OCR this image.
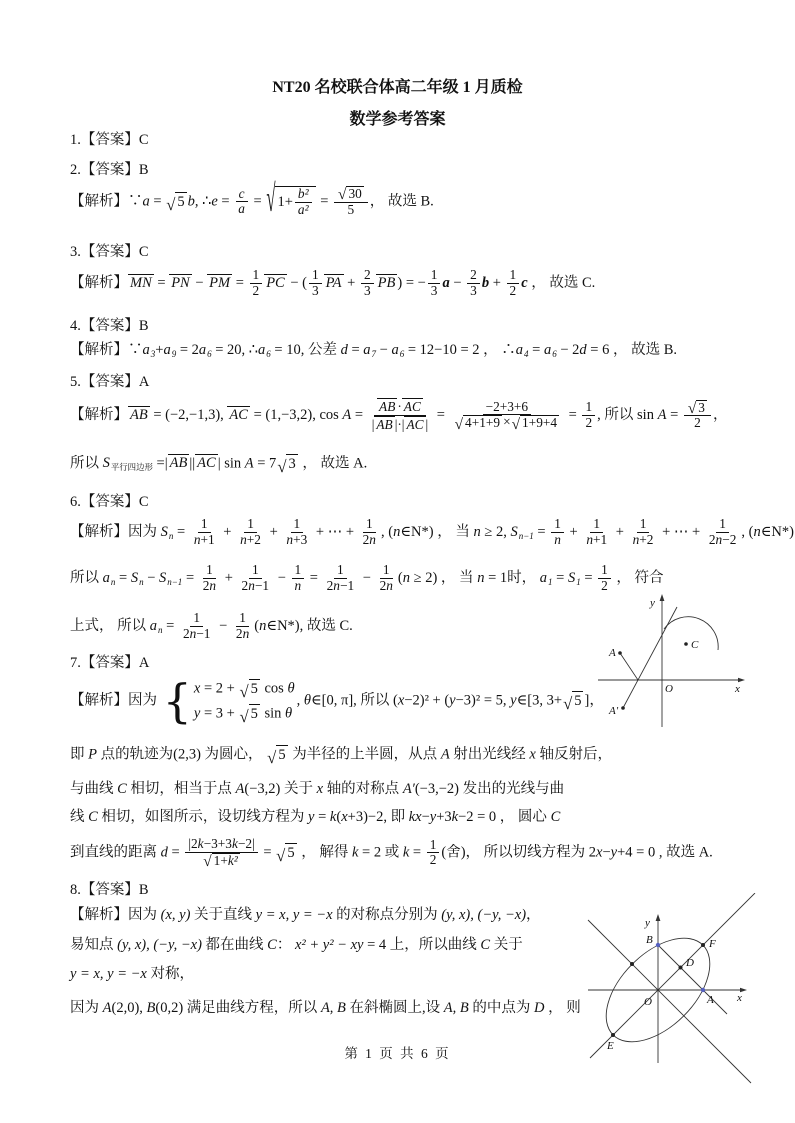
NT20 名校联合体高二年级 1 月质检
数学参考答案
1.【答案】C
2.【答案】B
【解析】∵a = √ 5 b, ∴e = $\frac{c}{a}$ = √ $1+ \frac{\text{b²}}{\text{a²}} = \frac{√ 30}{5}$ ， 故选 B.
3.【答案】C
【解析】 MN = PN − PM = $\frac{1}{2}$ PC − ( $\frac{1}{3}$ PA + $\frac{2}{3}$ PB ) = − $\frac{1}{3}$ $a - \frac{2}{3}$ $b + \frac{1}{2}$ c ， 故选 C.
4.【答案】B
【解析】$\because a_3+a_9 = 2a_6 = 20$, $\therefore a_6 = 10$, 公差 $d = a_7 - a_6 = 12-10 = 2$ ， $\therefore a_4 = a_6 - 2d = 6$ ， 故选 B.
5.【答案】A
【解析】 AB = (−2,−1,3), AC = (1,−3,2), $\cos A = \frac{AB \cdot AC}{| AB |\cdot| AC |} = \frac{-2+3+6}{√ 4+1+9 \times √ 1+9+4} = \frac{1}{2}$ , 所以 $\sin A = \frac{√ 3}{2}$ ，
所以 $S_{平行四边形}$ =| AB || AC | sin A = 7 √ 3 ， 故选 A.
6.【答案】C
【解析】因为 $S_n = \frac{1}{n+1} + \frac{1}{n+2} + \frac{1}{n+3}$ + ⋯ + $\frac{1}{2n}$ , (n∈N*) ， 当 n ≥ 2, $S_{n-1} = \frac{1}{n} + \frac{1}{n+1} + \frac{1}{n+2}$ + ⋯ + $\frac{1}{2n-2}$ , (n∈N*)
所以 $a_n = S_n - S_{n-1} = \frac{1}{2n} + \frac{1}{2n-1} - \frac{1}{n} = \frac{1}{2n-1} - \frac{1}{2n} (n \ge 2)$ ， 当 n = 1时， $a_1 = S_1 = \frac{1}{2}$ ， 符合
上式， 所以 $a_n = \frac{1}{2n-1} - \frac{1}{2n}$ (n∈N*), 故选 C.
7.【答案】A
【解析】因为 { x = 2 + √ 5 cos θ
y = 3 + √ 5 sin θ
, θ∈[0, π], 所以 (x−2)² + (y−3)² = 5, y∈[3, 3+ √ 5 ]，
即 P 点的轨迹为(2,3) 为圆心， √ 5 为半径的上半圆，从点 A 射出光线经 x 轴反射后，
与曲线 C 相切，相当于点 A(−3,2) 关于 x 轴的对称点 A′(−3,−2) 发出的光线与曲
线 C 相切，如图所示，设切线方程为 y = k(x+3)−2, 即 kx−y+3k−2 = 0 ， 圆心 C
到直线的距离 $d = \frac{|2k-3+3k-2|}{\text{√ 1+ k²}}$ = √ 5 ， 解得 k = 2 或 $k = \frac{1}{2}$ (舍)， 所以切线方程为 2x−y+4 = 0 , 故选 A.
8.【答案】B
【解析】因为 (x, y) 关于直线 y = x, y = −x 的对称点分别为 (y, x), (−y, −x)，
易知点 (y, x), (−y, −x) 都在曲线 C： x² + y² − xy = 4 上，所以曲线 C 关于
y = x, y = −x 对称，
因为 A(2,0), B(0,2) 满足曲线方程，所以 A, B 在斜椭圆上,设 A, B 的中点为 D ， 则
y
x
O
A
A′
C
y
x
O
B	F
D
A
E
第 1 页 共 6 页
